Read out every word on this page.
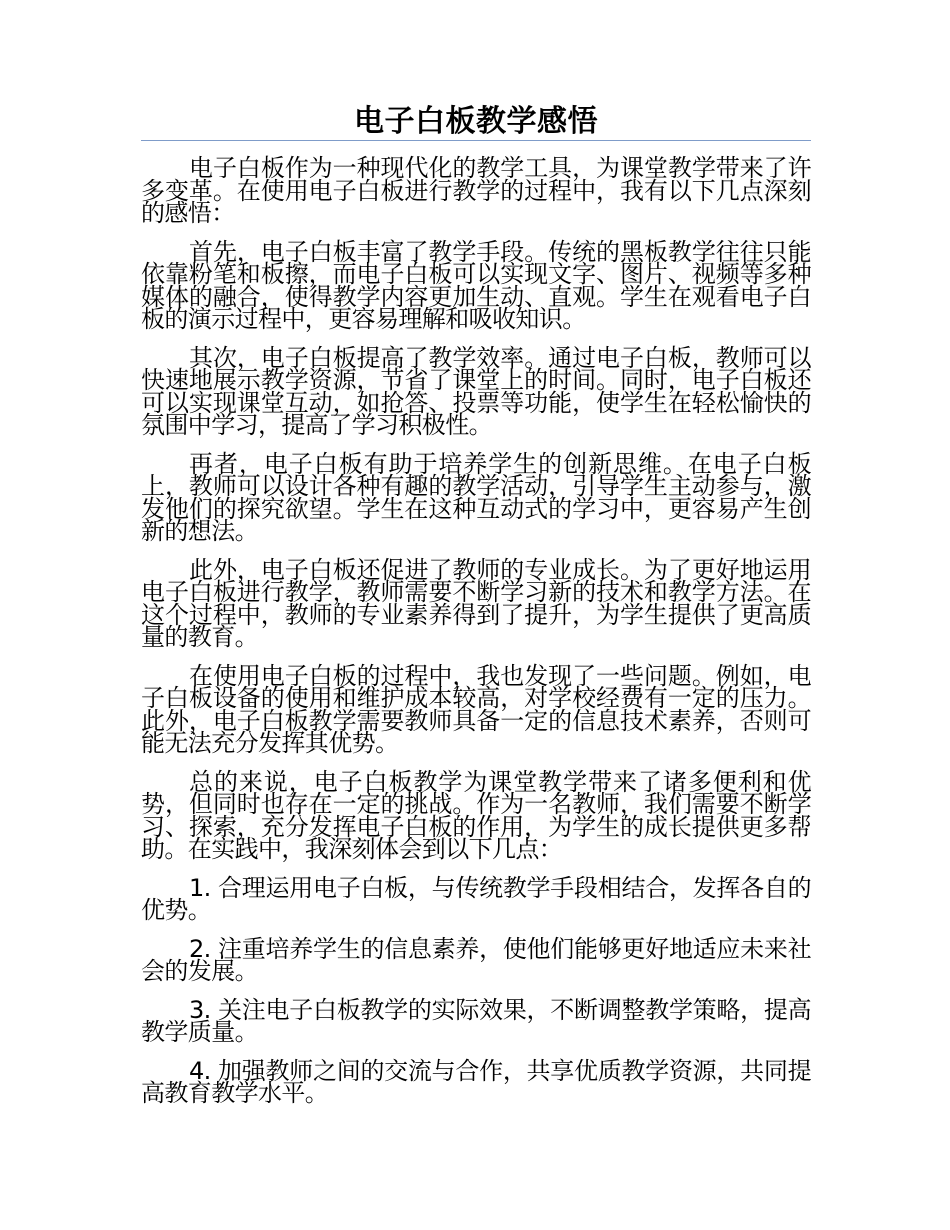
电子白板教学感悟

电子白板作为一种现代化的教学工具，为课堂教学带来了许多变革。在使用电子白板进行教学的过程中，我有以下几点深刻的感悟：

首先，电子白板丰富了教学手段。传统的黑板教学往往只能依靠粉笔和板擦，而电子白板可以实现文字、图片、视频等多种媒体的融合，使得教学内容更加生动、直观。学生在观看电子白板的演示过程中，更容易理解和吸收知识。

其次，电子白板提高了教学效率。通过电子白板，教师可以快速地展示教学资源，节省了课堂上的时间。同时，电子白板还可以实现课堂互动，如抢答、投票等功能，使学生在轻松愉快的氛围中学习，提高了学习积极性。

再者，电子白板有助于培养学生的创新思维。在电子白板上，教师可以设计各种有趣的教学活动，引导学生主动参与，激发他们的探究欲望。学生在这种互动式的学习中，更容易产生创新的想法。

此外，电子白板还促进了教师的专业成长。为了更好地运用电子白板进行教学，教师需要不断学习新的技术和教学方法。在这个过程中，教师的专业素养得到了提升，为学生提供了更高质量的教育。

在使用电子白板的过程中，我也发现了一些问题。例如，电子白板设备的使用和维护成本较高，对学校经费有一定的压力。此外，电子白板教学需要教师具备一定的信息技术素养，否则可能无法充分发挥其优势。

总的来说，电子白板教学为课堂教学带来了诸多便利和优势，但同时也存在一定的挑战。作为一名教师，我们需要不断学习、探索，充分发挥电子白板的作用，为学生的成长提供更多帮助。在实践中，我深刻体会到以下几点：

1. 合理运用电子白板，与传统教学手段相结合，发挥各自的优势。

2. 注重培养学生的信息素养，使他们能够更好地适应未来社会的发展。

3. 关注电子白板教学的实际效果，不断调整教学策略，提高教学质量。

4. 加强教师之间的交流与合作，共享优质教学资源，共同提高教育教学水平。
